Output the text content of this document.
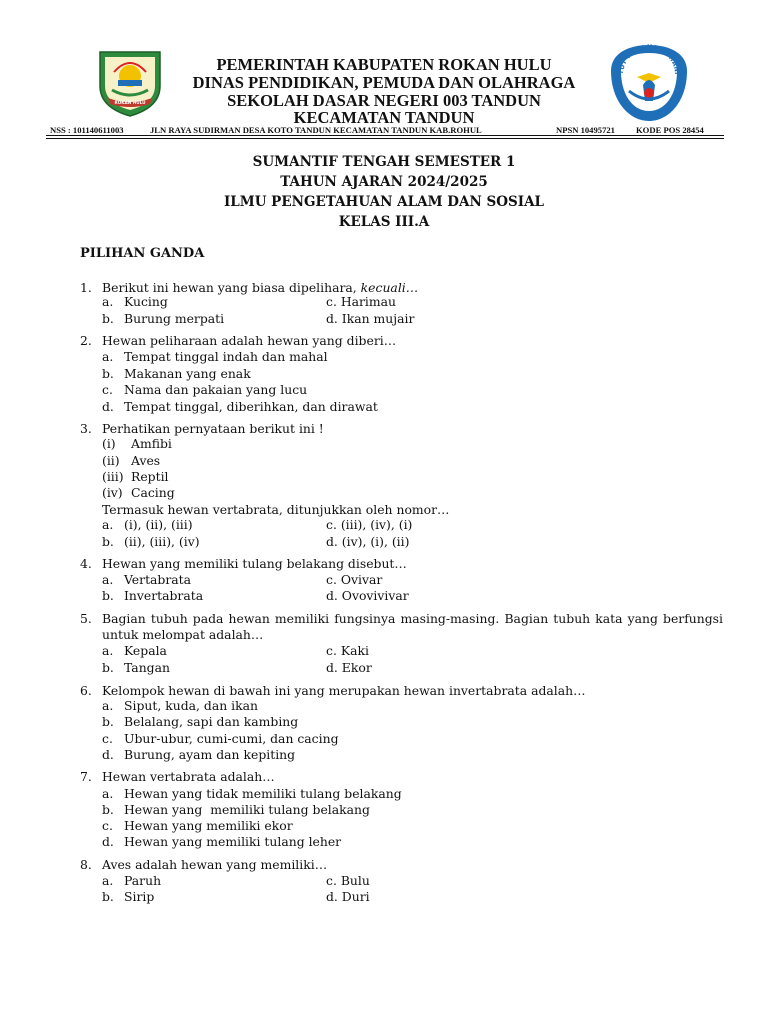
ROKAN HULU
PEMERINTAH KABUPATEN ROKAN HULU
DINAS PENDIDIKAN, PEMUDA DAN OLAHRAGA
SEKOLAH DASAR NEGERI 003 TANDUN
KECAMATAN TANDUN
TUT WURI HANDAYANI
NSS : 101140611003	JLN RAYA SUDIRMAN DESA KOTO TANDUN KECAMATAN TANDUN KAB.ROHUL	NPSN 10495721 KODE POS 28454
SUMANTIF TENGAH SEMESTER 1
TAHUN AJARAN 2024/2025
ILMU PENGETAHUAN ALAM DAN SOSIAL
KELAS III.A
PILIHAN GANDA
1. Berikut ini hewan yang biasa dipelihara, kecuali…
a. Kucing	c. Harimau
b. Burung merpati	d. Ikan mujair
2. Hewan peliharaan adalah hewan yang diberi…
a. Tempat tinggal indah dan mahal
b. Makanan yang enak
c. Nama dan pakaian yang lucu
d. Tempat tinggal, diberihkan, dan dirawat
3. Perhatikan pernyataan berikut ini !
(i) Amfibi
(ii) Aves
(iii) Reptil
(iv) Cacing
Termasuk hewan vertabrata, ditunjukkan oleh nomor…
a. (i), (ii), (iii)	c. (iii), (iv), (i)
b. (ii), (iii), (iv)	d. (iv), (i), (ii)
4. Hewan yang memiliki tulang belakang disebut…
a. Vertabrata	c. Ovivar
b. Invertabrata	d. Ovovivivar
5. Bagian tubuh pada hewan memiliki fungsinya masing-masing. Bagian tubuh kata yang berfungsi
untuk melompat adalah…
a. Kepala	c. Kaki
b. Tangan	d. Ekor
6. Kelompok hewan di bawah ini yang merupakan hewan invertabrata adalah…
a. Siput, kuda, dan ikan
b. Belalang, sapi dan kambing
c. Ubur-ubur, cumi-cumi, dan cacing
d. Burung, ayam dan kepiting
7. Hewan vertabrata adalah…
a. Hewan yang tidak memiliki tulang belakang
b. Hewan yang  memiliki tulang belakang
c. Hewan yang memiliki ekor
d. Hewan yang memiliki tulang leher
8. Aves adalah hewan yang memiliki…
a. Paruh	c. Bulu
b. Sirip	d. Duri
